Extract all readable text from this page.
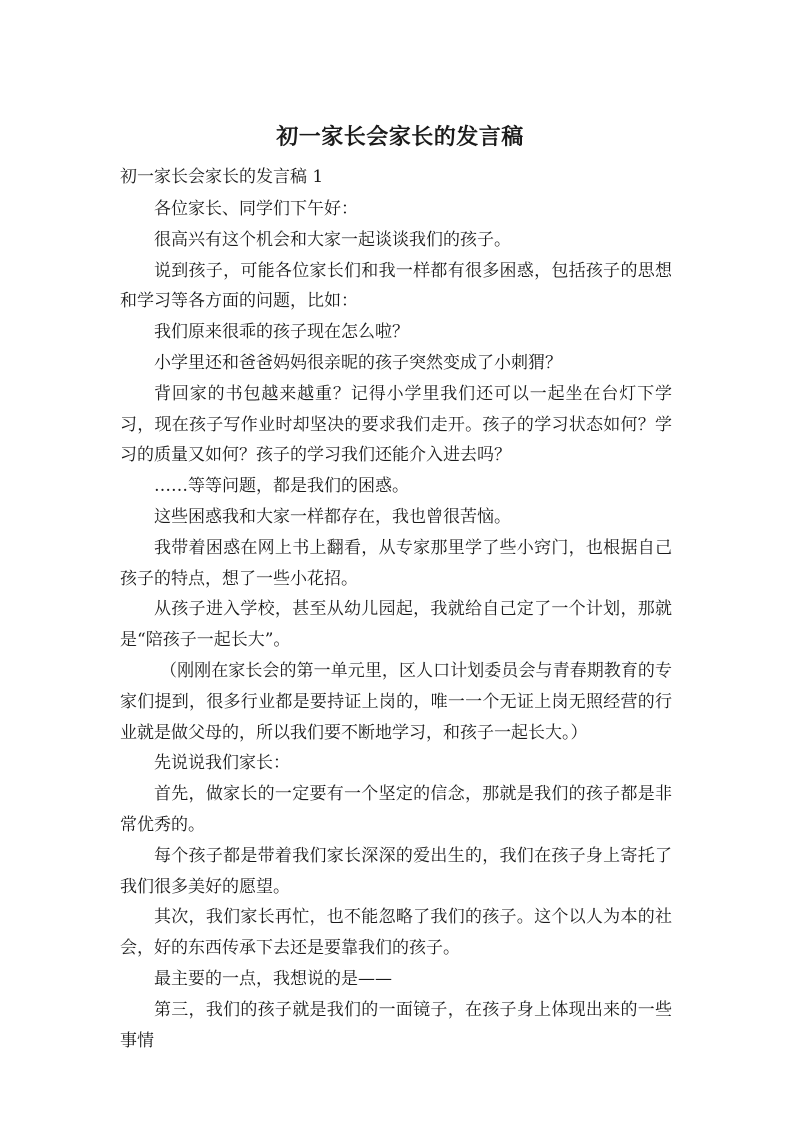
初一家长会家长的发言稿
初一家长会家长的发言稿 1

各位家长、同学们下午好：

很高兴有这个机会和大家一起谈谈我们的孩子。

说到孩子，可能各位家长们和我一样都有很多困惑，包括孩子的思想和学习等各方面的问题，比如：

我们原来很乖的孩子现在怎么啦？

小学里还和爸爸妈妈很亲昵的孩子突然变成了小刺猬？

背回家的书包越来越重？记得小学里我们还可以一起坐在台灯下学习，现在孩子写作业时却坚决的要求我们走开。孩子的学习状态如何？学习的质量又如何？孩子的学习我们还能介入进去吗？

……等等问题，都是我们的困惑。

这些困惑我和大家一样都存在，我也曾很苦恼。

我带着困惑在网上书上翻看，从专家那里学了些小窍门，也根据自己孩子的特点，想了一些小花招。

从孩子进入学校，甚至从幼儿园起，我就给自己定了一个计划，那就是“陪孩子一起长大”。

（刚刚在家长会的第一单元里，区人口计划委员会与青春期教育的专家们提到，很多行业都是要持证上岗的，唯一一个无证上岗无照经营的行业就是做父母的，所以我们要不断地学习，和孩子一起长大。）

先说说我们家长：

首先，做家长的一定要有一个坚定的信念，那就是我们的孩子都是非常优秀的。

每个孩子都是带着我们家长深深的爱出生的，我们在孩子身上寄托了我们很多美好的愿望。

其次，我们家长再忙，也不能忽略了我们的孩子。这个以人为本的社会，好的东西传承下去还是要靠我们的孩子。

最主要的一点，我想说的是——

第三，我们的孩子就是我们的一面镜子，在孩子身上体现出来的一些事情
